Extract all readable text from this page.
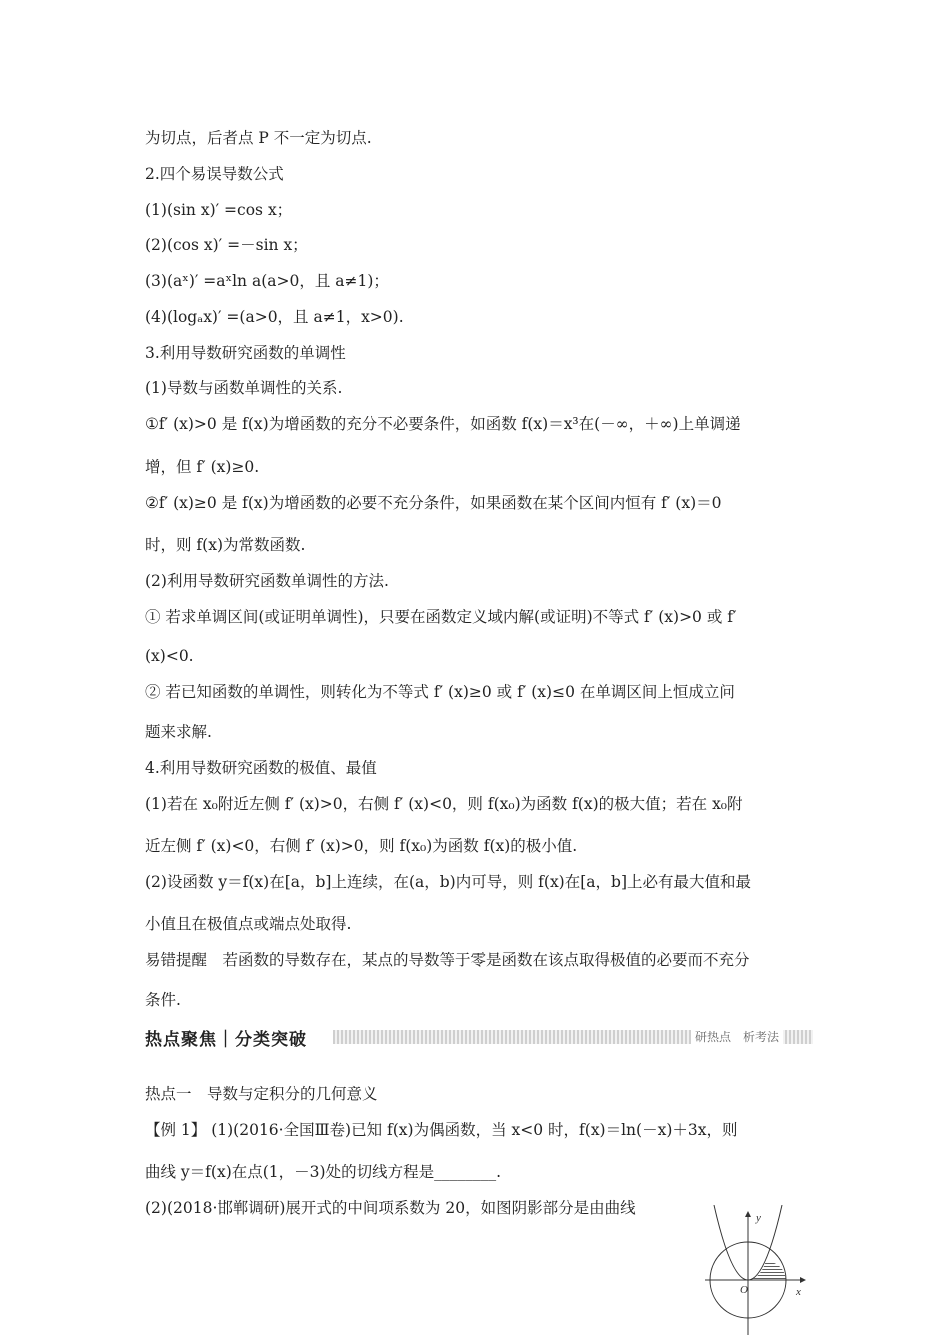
为切点，后者点 P 不一定为切点.
2.四个易误导数公式
(1)(sin x)′ =cos x；
(2)(cos x)′ =－sin x；
(3)(aˣ)′ =aˣln a(a>0，且 a≠1)；
(4)(logₐx)′ =(a>0，且 a≠1，x>0).
3.利用导数研究函数的单调性
(1)导数与函数单调性的关系.
①f′ (x)>0 是 f(x)为增函数的充分不必要条件，如函数 f(x)＝x³在(－∞，＋∞)上单调递
增，但 f′ (x)≥0.
②f′ (x)≥0 是 f(x)为增函数的必要不充分条件，如果函数在某个区间内恒有 f′ (x)＝0
时，则 f(x)为常数函数.
(2)利用导数研究函数单调性的方法.
① 若求单调区间(或证明单调性)，只要在函数定义域内解(或证明)不等式 f′ (x)>0 或 f′
(x)<0.
② 若已知函数的单调性，则转化为不等式 f′ (x)≥0 或 f′ (x)≤0 在单调区间上恒成立问
题来求解.
4.利用导数研究函数的极值、最值
(1)若在 x₀附近左侧 f′ (x)>0，右侧 f′ (x)<0，则 f(x₀)为函数 f(x)的极大值；若在 x₀附
近左侧 f′ (x)<0，右侧 f′ (x)>0，则 f(x₀)为函数 f(x)的极小值.
(2)设函数 y＝f(x)在[a，b]上连续，在(a，b)内可导，则 f(x)在[a，b]上必有最大值和最
小值且在极值点或端点处取得.
易错提醒　若函数的导数存在，某点的导数等于零是函数在该点取得极值的必要而不充分
条件.
热点聚焦｜分类突破	研热点　析考法
热点一　导数与定积分的几何意义
【例 1】 (1)(2016·全国Ⅲ卷)已知 f(x)为偶函数，当 x<0 时，f(x)＝ln(－x)＋3x，则
曲线 y＝f(x)在点(1，－3)处的切线方程是________.
(2)(2018·邯郸调研)展开式的中间项系数为 20，如图阴影部分是由曲线
y
x
O
